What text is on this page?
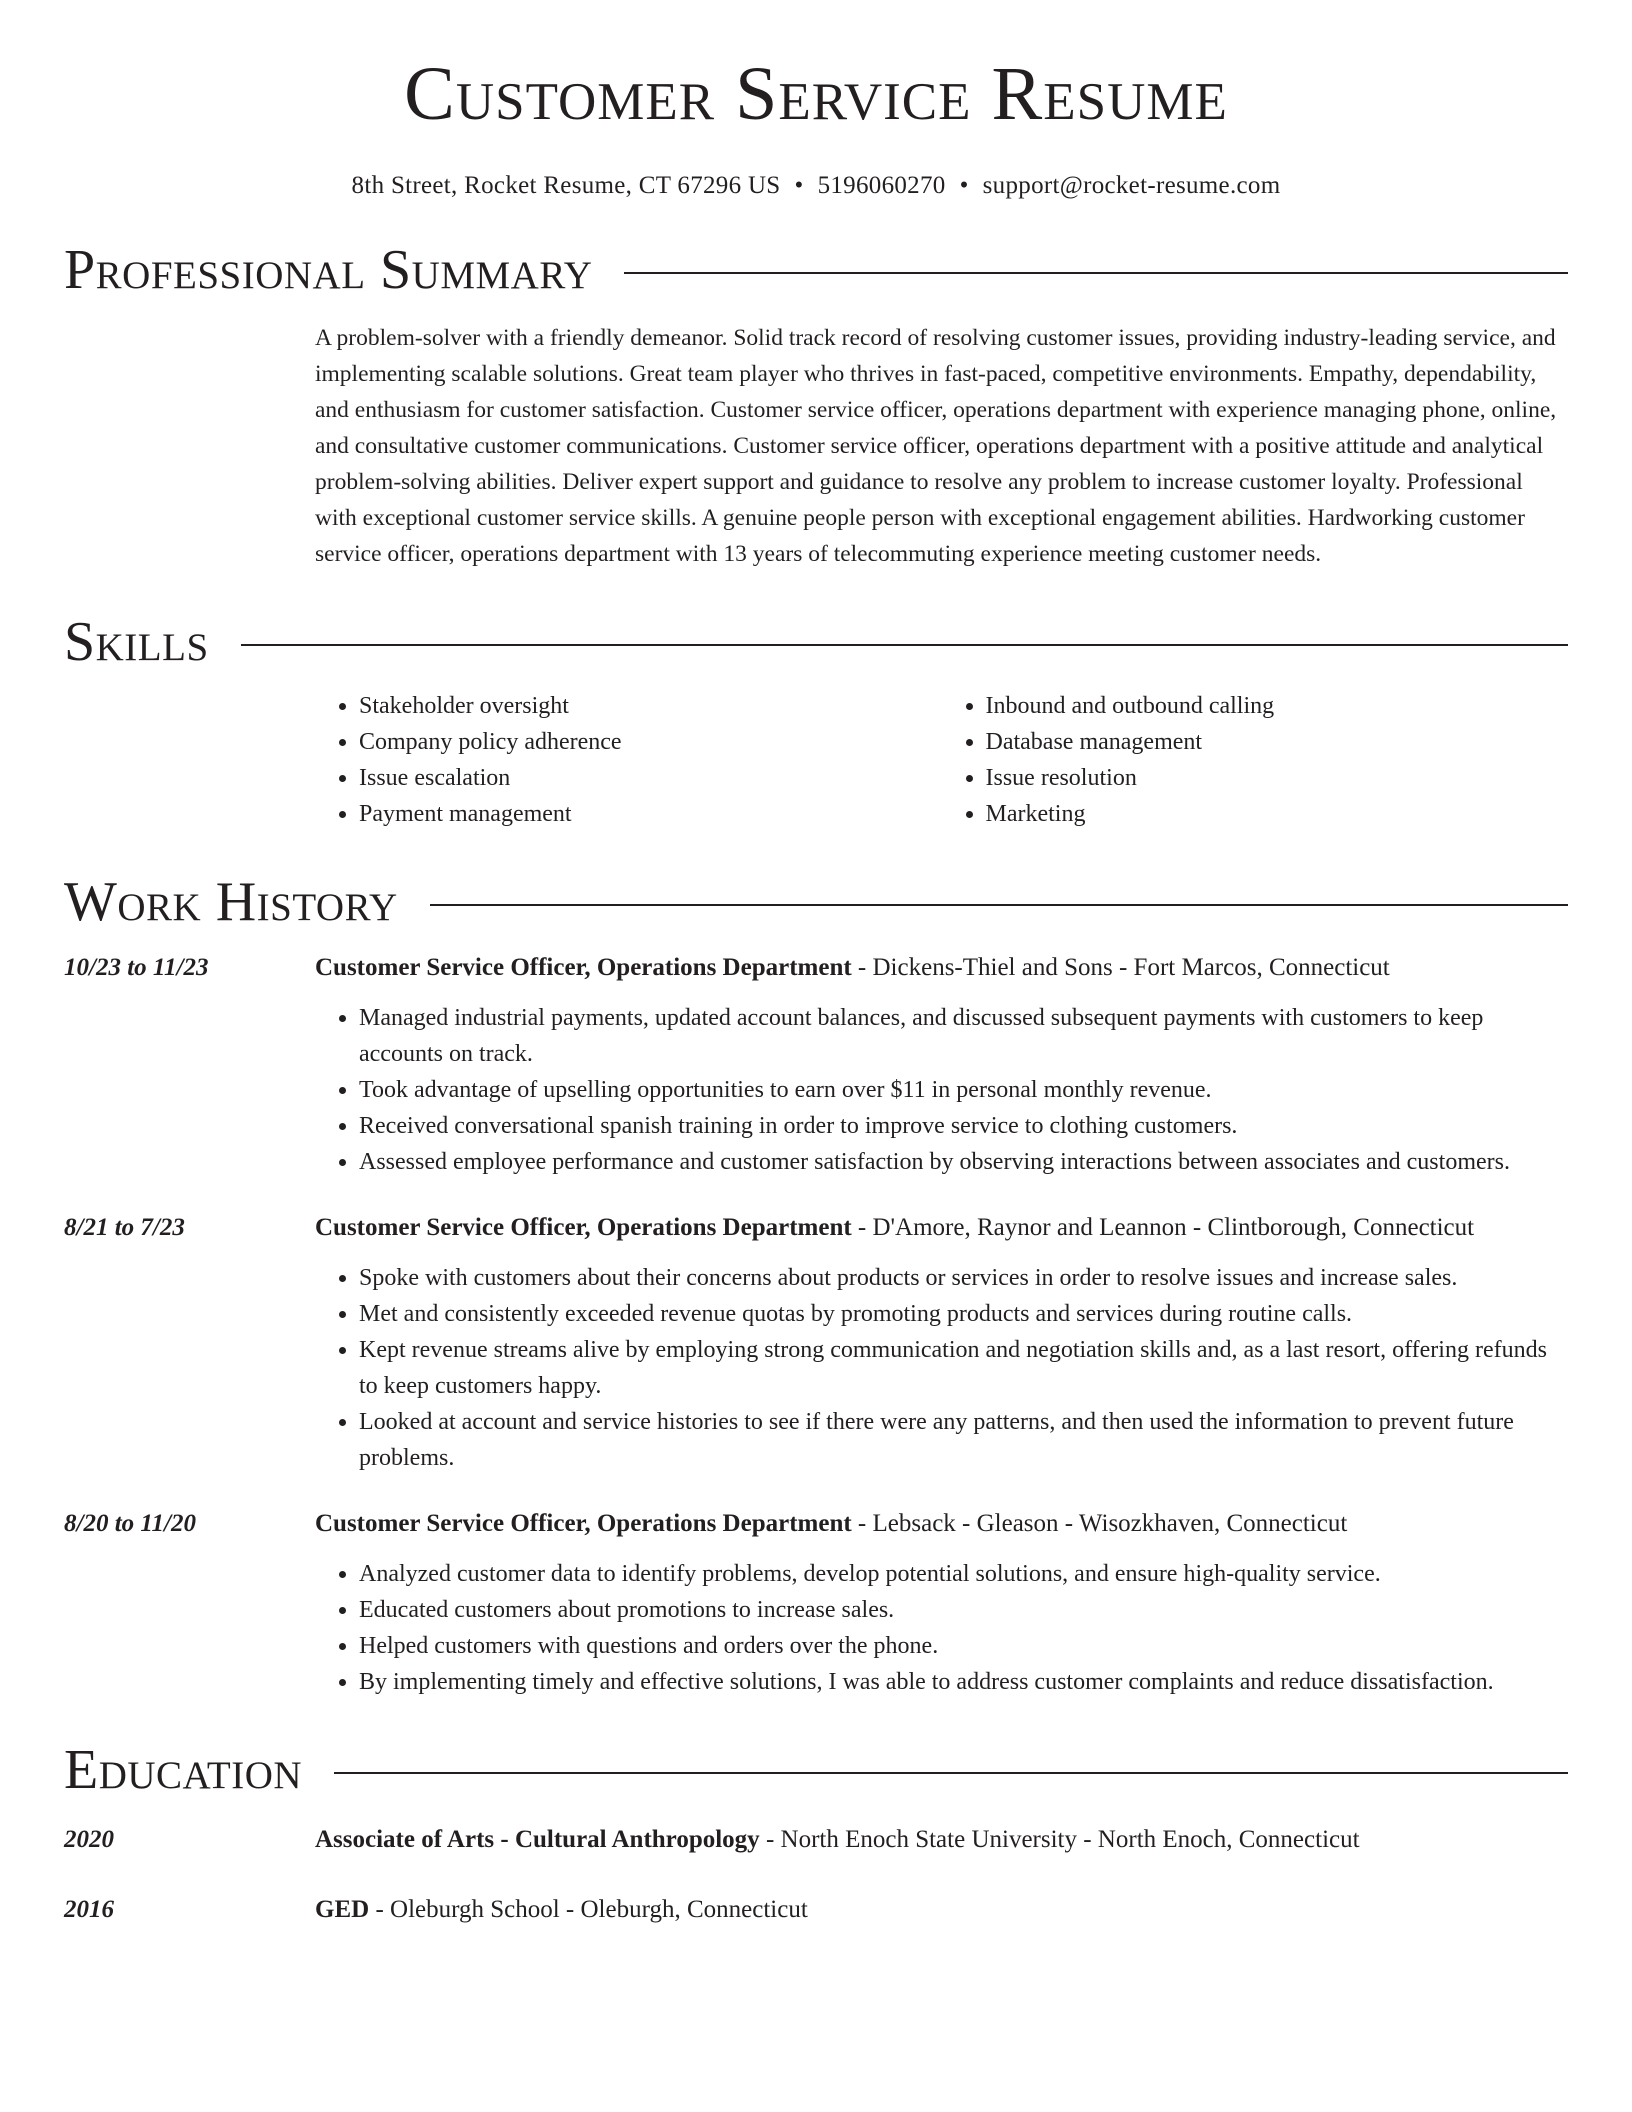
Customer Service Resume
8th Street, Rocket Resume, CT 67296 US • 5196060270 • support@rocket-resume.com
Professional Summary
A problem-solver with a friendly demeanor. Solid track record of resolving customer issues, providing industry-leading service, and implementing scalable solutions. Great team player who thrives in fast-paced, competitive environments. Empathy, dependability, and enthusiasm for customer satisfaction. Customer service officer, operations department with experience managing phone, online, and consultative customer communications. Customer service officer, operations department with a positive attitude and analytical problem-solving abilities. Deliver expert support and guidance to resolve any problem to increase customer loyalty. Professional with exceptional customer service skills. A genuine people person with exceptional engagement abilities. Hardworking customer service officer, operations department with 13 years of telecommuting experience meeting customer needs.
Skills
• Stakeholder oversight
• Company policy adherence
• Issue escalation
• Payment management
• Inbound and outbound calling
• Database management
• Issue resolution
• Marketing
Work History
10/23 to 11/23	Customer Service Officer, Operations Department - Dickens-Thiel and Sons - Fort Marcos, Connecticut
• Managed industrial payments, updated account balances, and discussed subsequent payments with customers to keep accounts on track.
• Took advantage of upselling opportunities to earn over $11 in personal monthly revenue.
• Received conversational spanish training in order to improve service to clothing customers.
• Assessed employee performance and customer satisfaction by observing interactions between associates and customers.
8/21 to 7/23	Customer Service Officer, Operations Department - D'Amore, Raynor and Leannon - Clintborough, Connecticut
• Spoke with customers about their concerns about products or services in order to resolve issues and increase sales.
• Met and consistently exceeded revenue quotas by promoting products and services during routine calls.
• Kept revenue streams alive by employing strong communication and negotiation skills and, as a last resort, offering refunds to keep customers happy.
• Looked at account and service histories to see if there were any patterns, and then used the information to prevent future problems.
8/20 to 11/20	Customer Service Officer, Operations Department - Lebsack - Gleason - Wisozkhaven, Connecticut
• Analyzed customer data to identify problems, develop potential solutions, and ensure high-quality service.
• Educated customers about promotions to increase sales.
• Helped customers with questions and orders over the phone.
• By implementing timely and effective solutions, I was able to address customer complaints and reduce dissatisfaction.
Education
2020	Associate of Arts - Cultural Anthropology - North Enoch State University - North Enoch, Connecticut
2016	GED - Oleburgh School - Oleburgh, Connecticut
